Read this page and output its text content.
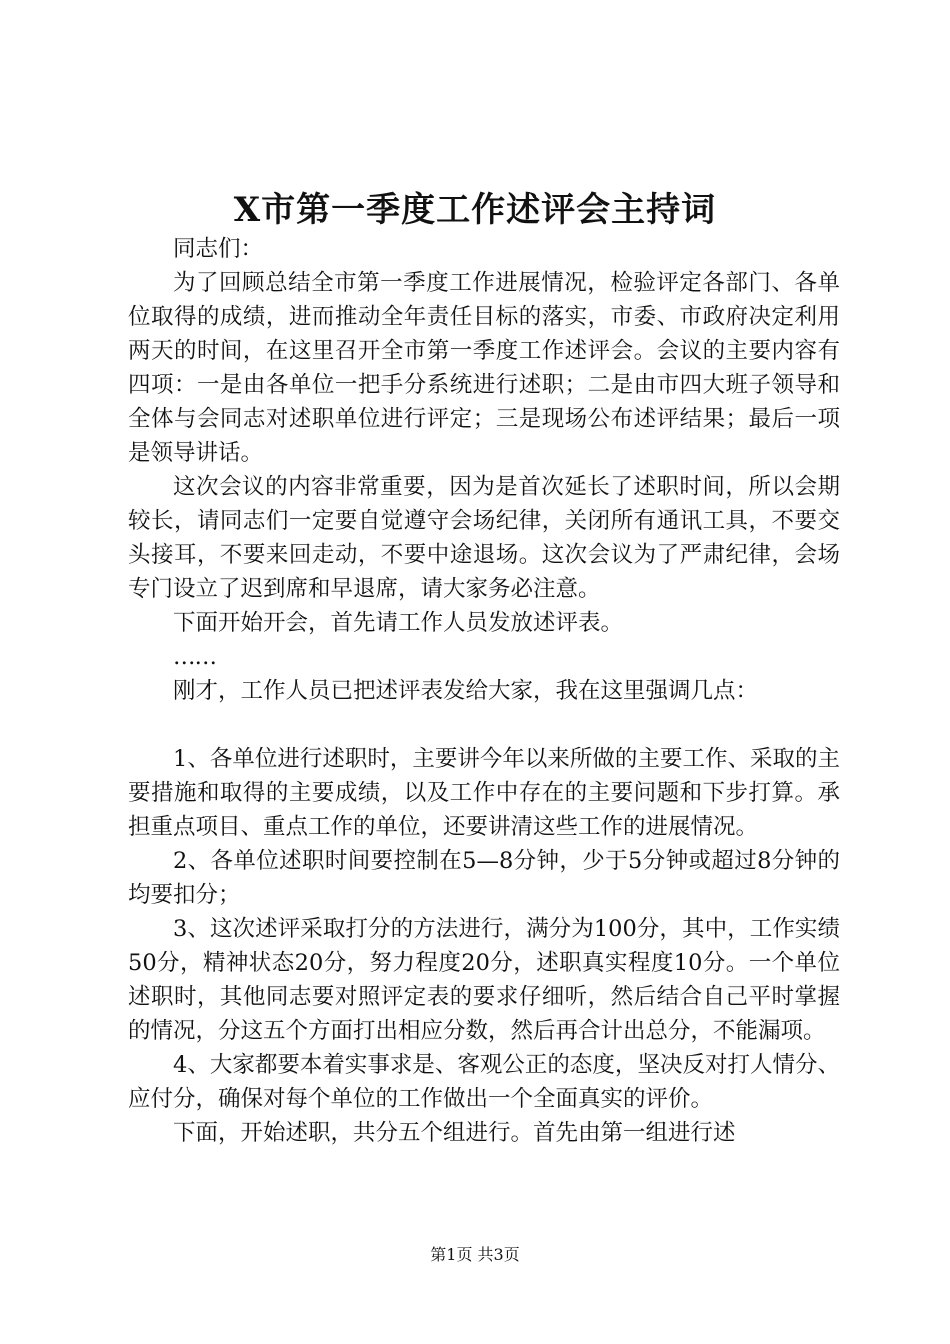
X市第一季度工作述评会主持词

同志们：

为了回顾总结全市第一季度工作进展情况，检验评定各部门、各单位取得的成绩，进而推动全年责任目标的落实，市委、市政府决定利用两天的时间，在这里召开全市第一季度工作述评会。会议的主要内容有四项：一是由各单位一把手分系统进行述职；二是由市四大班子领导和全体与会同志对述职单位进行评定；三是现场公布述评结果；最后一项是领导讲话。

这次会议的内容非常重要，因为是首次延长了述职时间，所以会期较长，请同志们一定要自觉遵守会场纪律，关闭所有通讯工具，不要交头接耳，不要来回走动，不要中途退场。这次会议为了严肃纪律，会场专门设立了迟到席和早退席，请大家务必注意。

下面开始开会，首先请工作人员发放述评表。

……

刚才，工作人员已把述评表发给大家，我在这里强调几点：

1、各单位进行述职时，主要讲今年以来所做的主要工作、采取的主要措施和取得的主要成绩，以及工作中存在的主要问题和下步打算。承担重点项目、重点工作的单位，还要讲清这些工作的进展情况。

2、各单位述职时间要控制在5—8分钟，少于5分钟或超过8分钟的均要扣分；

3、这次述评采取打分的方法进行，满分为100分，其中，工作实绩50分，精神状态20分，努力程度20分，述职真实程度10分。一个单位述职时，其他同志要对照评定表的要求仔细听，然后结合自己平时掌握的情况，分这五个方面打出相应分数，然后再合计出总分，不能漏项。

4、大家都要本着实事求是、客观公正的态度，坚决反对打人情分、应付分，确保对每个单位的工作做出一个全面真实的评价。

下面，开始述职，共分五个组进行。首先由第一组进行述

第1页 共3页
